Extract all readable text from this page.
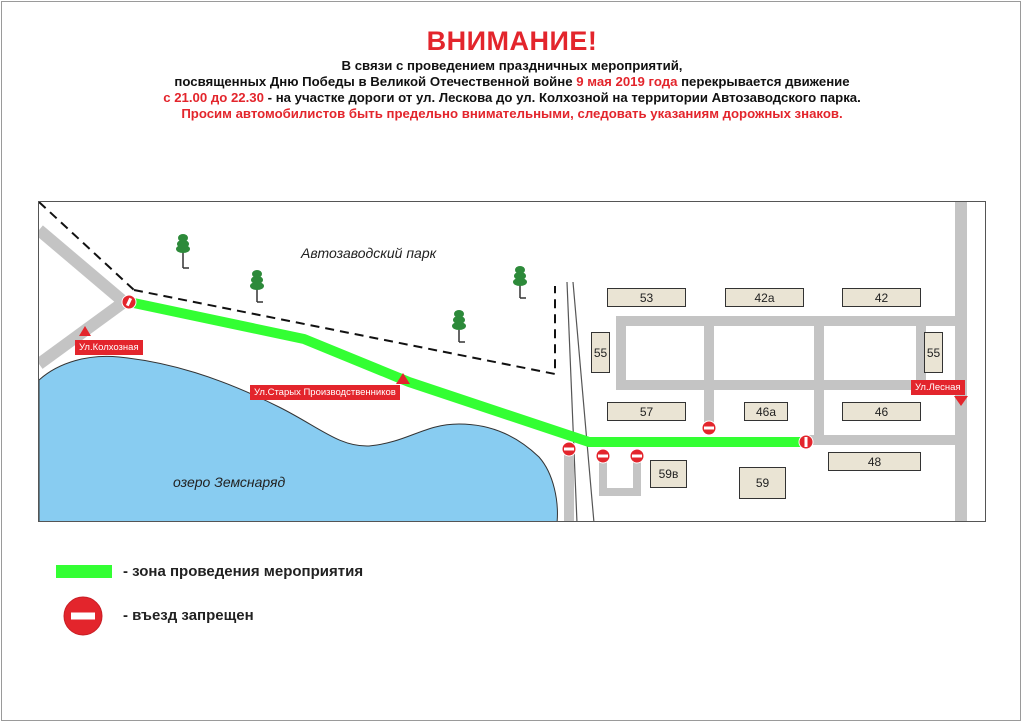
ВНИМАНИЕ!
В связи с проведением праздничных мероприятий,
посвященных Дню Победы в Великой Отечественной войне 9 мая 2019 года перекрывается движение
с 21.00 до 22.30 - на участке дороги от ул. Лескова до ул. Колхозной на территории Автозаводского парка.
Просим автомобилистов быть предельно внимательными, следовать указаниям дорожных знаков.
Автозаводский парк
озеро Земснаряд
Ул.Колхозная
Ул.Старых Производственников	Ул.Лесная
53	42а	42
55	55
57	46а	46
48
59в
59
- зона проведения мероприятия
- въезд запрещен
